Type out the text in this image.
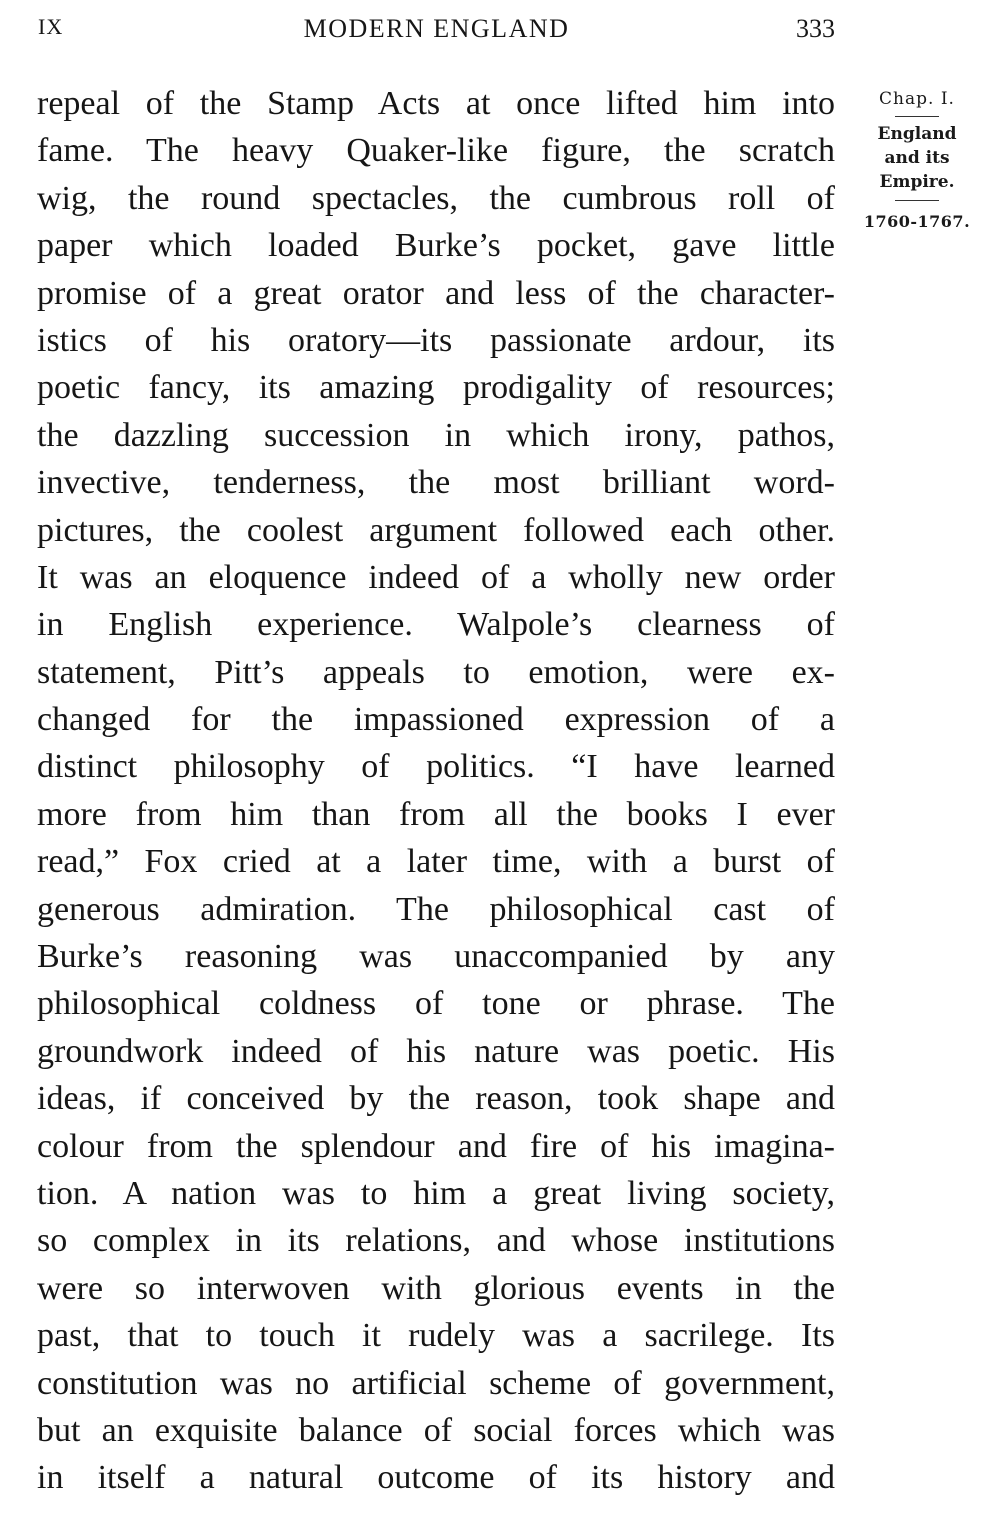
IX	MODERN ENGLAND	333
repeal of the Stamp Acts at once lifted him into
fame. The heavy Quaker-like figure, the scratch
wig, the round spectacles, the cumbrous roll of
paper which loaded Burke’s pocket, gave little
promise of a great orator and less of the character-
istics of his oratory—its passionate ardour, its
poetic fancy, its amazing prodigality of resources;
the dazzling succession in which irony, pathos,
invective, tenderness, the most brilliant word-
pictures, the coolest argument followed each other.
It was an eloquence indeed of a wholly new order
in English experience. Walpole’s clearness of
statement, Pitt’s appeals to emotion, were ex-
changed for the impassioned expression of a
distinct philosophy of politics. “I have learned
more from him than from all the books I ever
read,” Fox cried at a later time, with a burst of
generous admiration. The philosophical cast of
Burke’s reasoning was unaccompanied by any
philosophical coldness of tone or phrase. The
groundwork indeed of his nature was poetic. His
ideas, if conceived by the reason, took shape and
colour from the splendour and fire of his imagina-
tion. A nation was to him a great living society,
so complex in its relations, and whose institutions
were so interwoven with glorious events in the
past, that to touch it rudely was a sacrilege. Its
constitution was no artificial scheme of government,
but an exquisite balance of social forces which was
in itself a natural outcome of its history and
Chap. I.
England
and its
Empire.
1760-1767.
